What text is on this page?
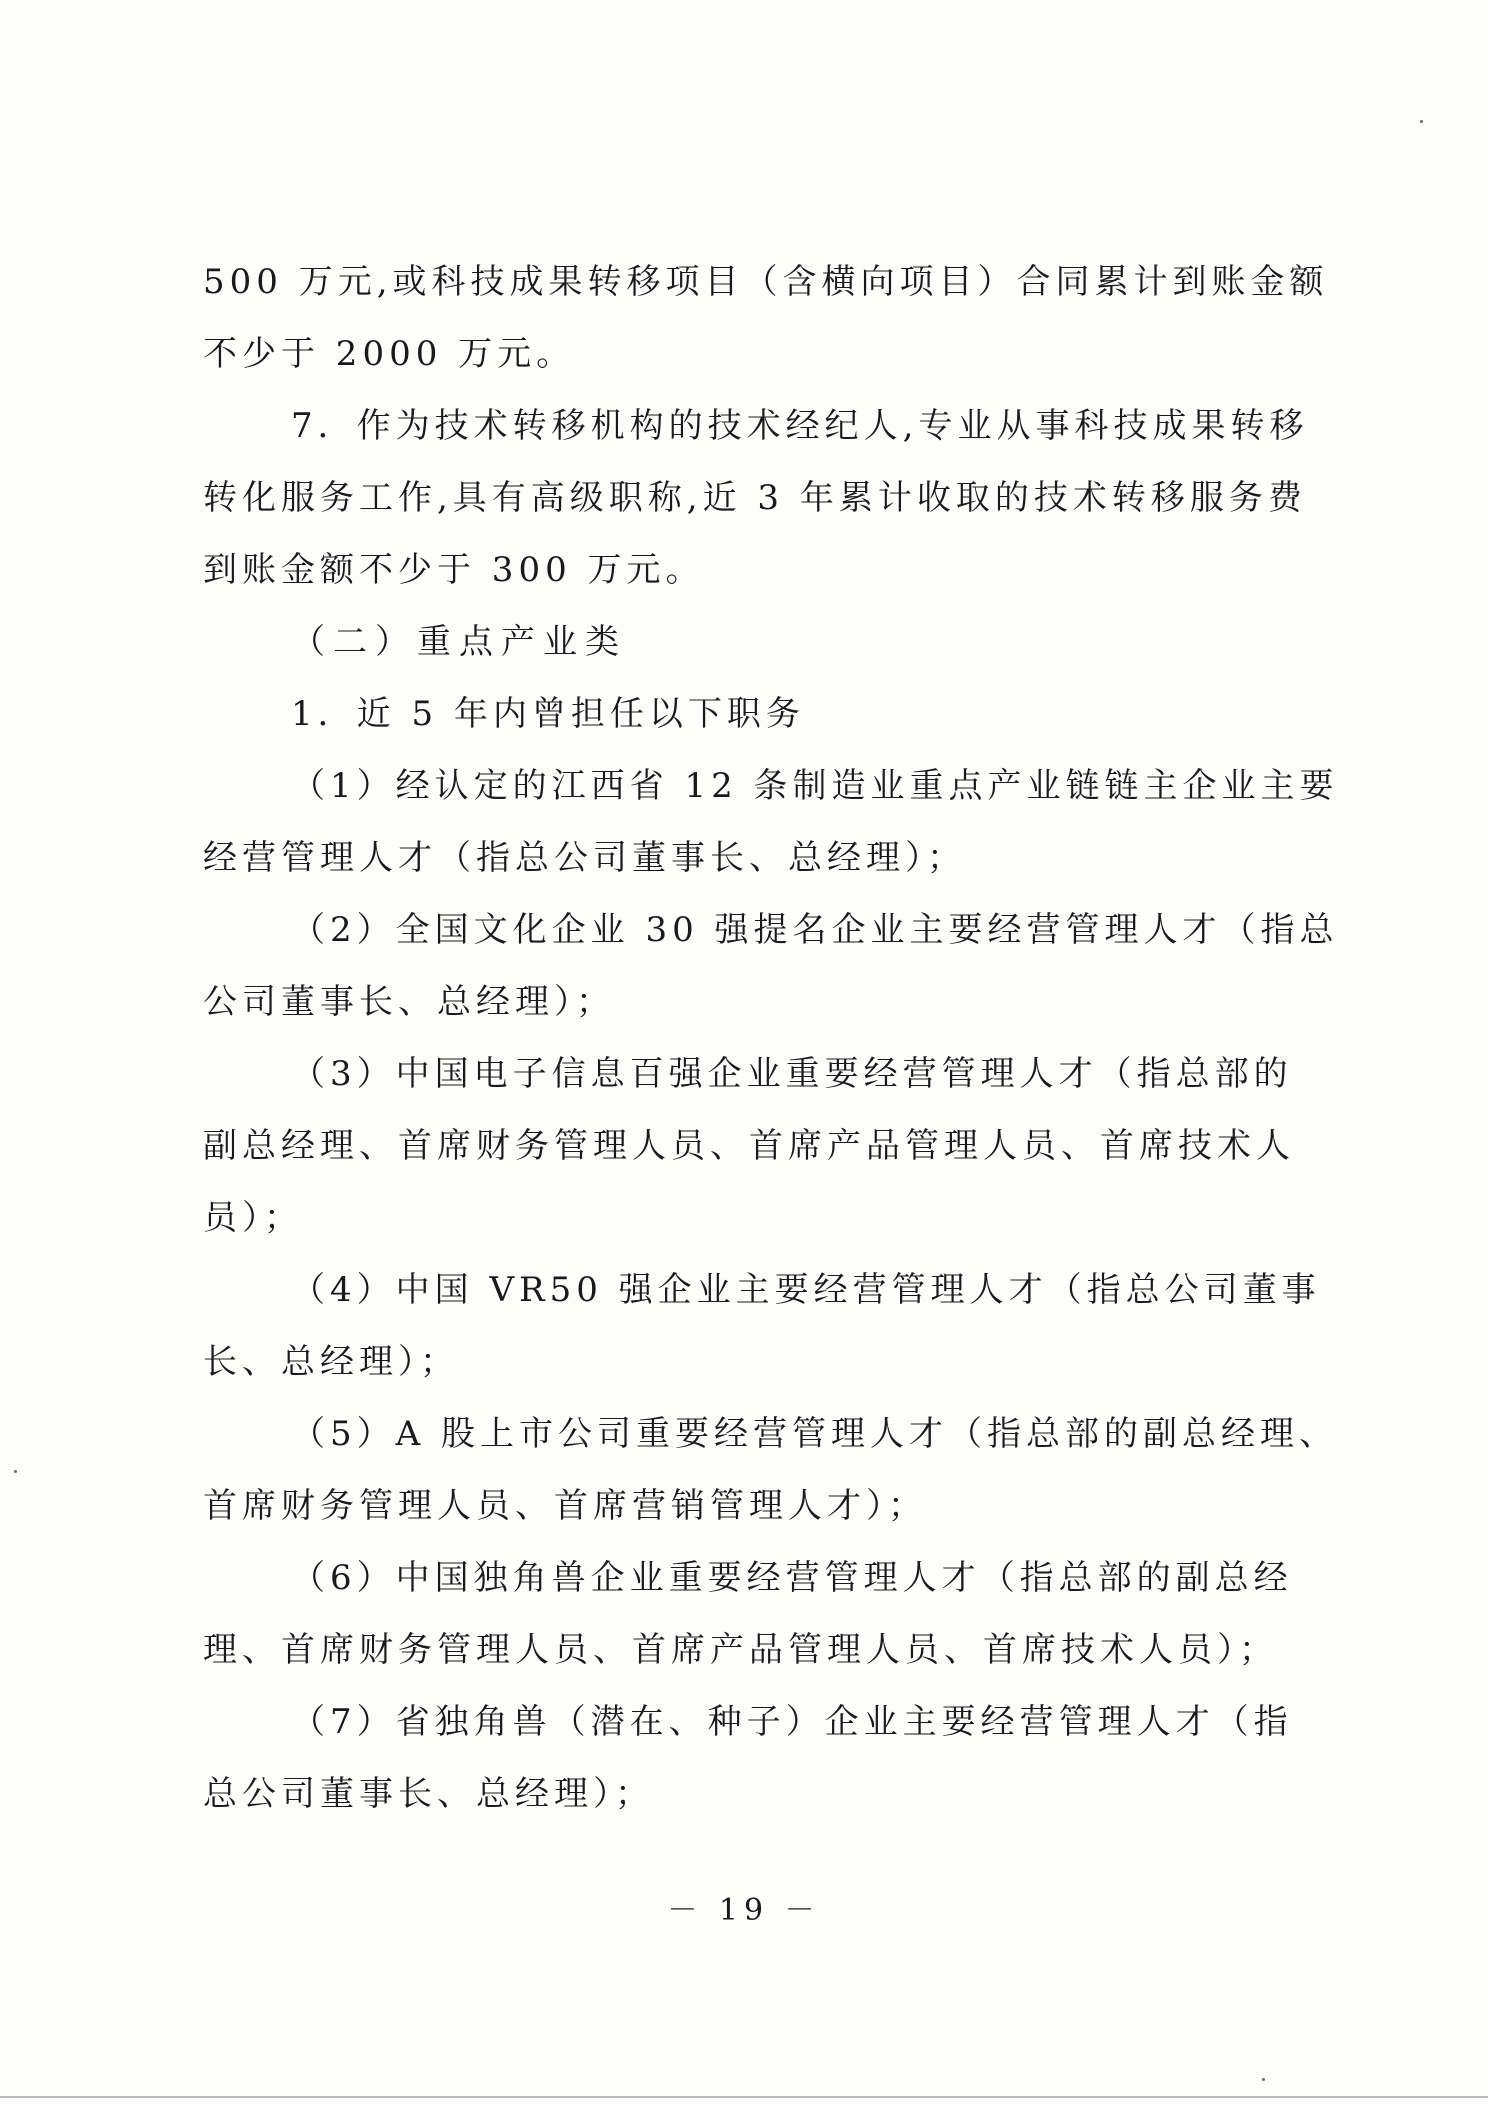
500 万元,或科技成果转移项目（含横向项目）合同累计到账金额
不少于 2000 万元。
7．作为技术转移机构的技术经纪人,专业从事科技成果转移
转化服务工作,具有高级职称,近 3 年累计收取的技术转移服务费
到账金额不少于 300 万元。
（二）重点产业类
1．近 5 年内曾担任以下职务
（1）经认定的江西省 12 条制造业重点产业链链主企业主要
经营管理人才（指总公司董事长、总经理）；
（2）全国文化企业 30 强提名企业主要经营管理人才（指总
公司董事长、总经理）；
（3）中国电子信息百强企业重要经营管理人才（指总部的
副总经理、首席财务管理人员、首席产品管理人员、首席技术人
员）；
（4）中国 VR50 强企业主要经营管理人才（指总公司董事
长、总经理）；
（5）A 股上市公司重要经营管理人才（指总部的副总经理、
首席财务管理人员、首席营销管理人才）；
（6）中国独角兽企业重要经营管理人才（指总部的副总经
理、首席财务管理人员、首席产品管理人员、首席技术人员）；
（7）省独角兽（潜在、种子）企业主要经营管理人才（指
总公司董事长、总经理）；
－ 19 －
